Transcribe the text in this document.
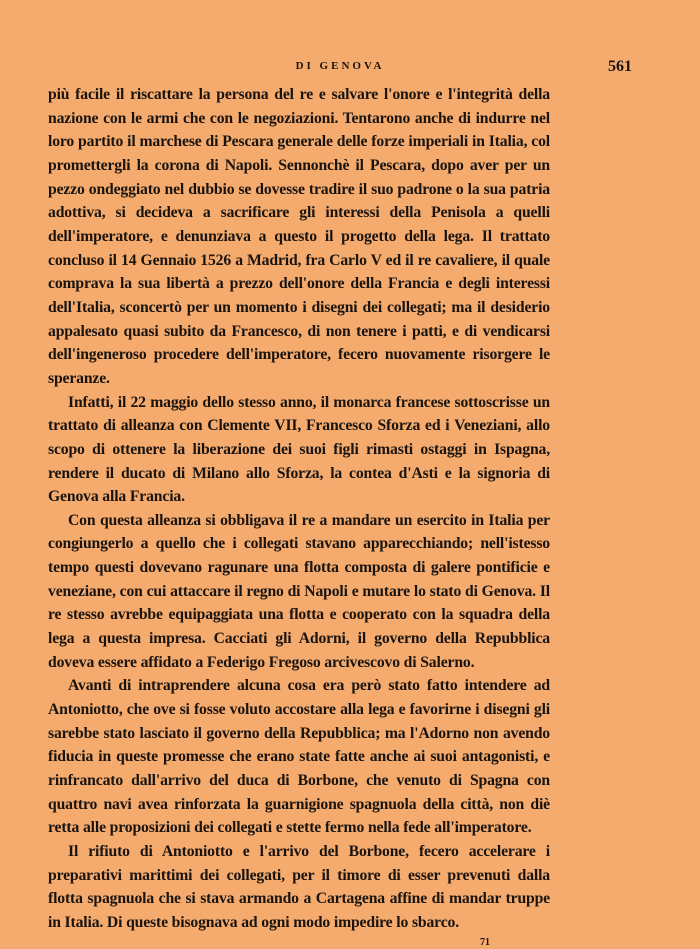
DI GENOVA	561

più facile il riscattare la persona del re e salvare l'onore e l'integrità della nazione con le armi che con le negoziazioni. Tentarono anche di indurre nel loro partito il marchese di Pescara generale delle forze imperiali in Italia, col promettergli la corona di Napoli. Sennonchè il Pescara, dopo aver per un pezzo ondeggiato nel dubbio se dovesse tradire il suo padrone o la sua patria adottiva, si decideva a sacrificare gli interessi della Penisola a quelli dell'imperatore, e denunziava a questo il progetto della lega. Il trattato concluso il 14 Gennaio 1526 a Madrid, fra Carlo V ed il re cavaliere, il quale comprava la sua libertà a prezzo dell'onore della Francia e degli interessi dell'Italia, sconcertò per un momento i disegni dei collegati; ma il desiderio appalesato quasi subito da Francesco, di non tenere i patti, e di vendicarsi dell'ingeneroso procedere dell'imperatore, fecero nuovamente risorgere le speranze.

Infatti, il 22 maggio dello stesso anno, il monarca francese sottoscrisse un trattato di alleanza con Clemente VII, Francesco Sforza ed i Veneziani, allo scopo di ottenere la liberazione dei suoi figli rimasti ostaggi in Ispagna, rendere il ducato di Milano allo Sforza, la contea d'Asti e la signoria di Genova alla Francia.

Con questa alleanza si obbligava il re a mandare un esercito in Italia per congiungerlo a quello che i collegati stavano apparecchiando; nell'istesso tempo questi dovevano ragunare una flotta composta di galere pontificie e veneziane, con cui attaccare il regno di Napoli e mutare lo stato di Genova. Il re stesso avrebbe equipaggiata una flotta e cooperato con la squadra della lega a questa impresa. Cacciati gli Adorni, il governo della Repubblica doveva essere affidato a Federigo Fregoso arcivescovo di Salerno.

Avanti di intraprendere alcuna cosa era però stato fatto intendere ad Antoniotto, che ove si fosse voluto accostare alla lega e favorirne i disegni gli sarebbe stato lasciato il governo della Repubblica; ma l'Adorno non avendo fiducia in queste promesse che erano state fatte anche ai suoi antagonisti, e rinfrancato dall'arrivo del duca di Borbone, che venuto di Spagna con quattro navi avea rinforzata la guarnigione spagnuola della città, non diè retta alle proposizioni dei collegati e stette fermo nella fede all'imperatore.

Il rifiuto di Antoniotto e l'arrivo del Borbone, fecero accelerare i preparativi marittimi dei collegati, per il timore di esser prevenuti dalla flotta spagnuola che si stava armando a Cartagena affine di mandar truppe in Italia. Di queste bisognava ad ogni modo impedire lo sbarco.

71
